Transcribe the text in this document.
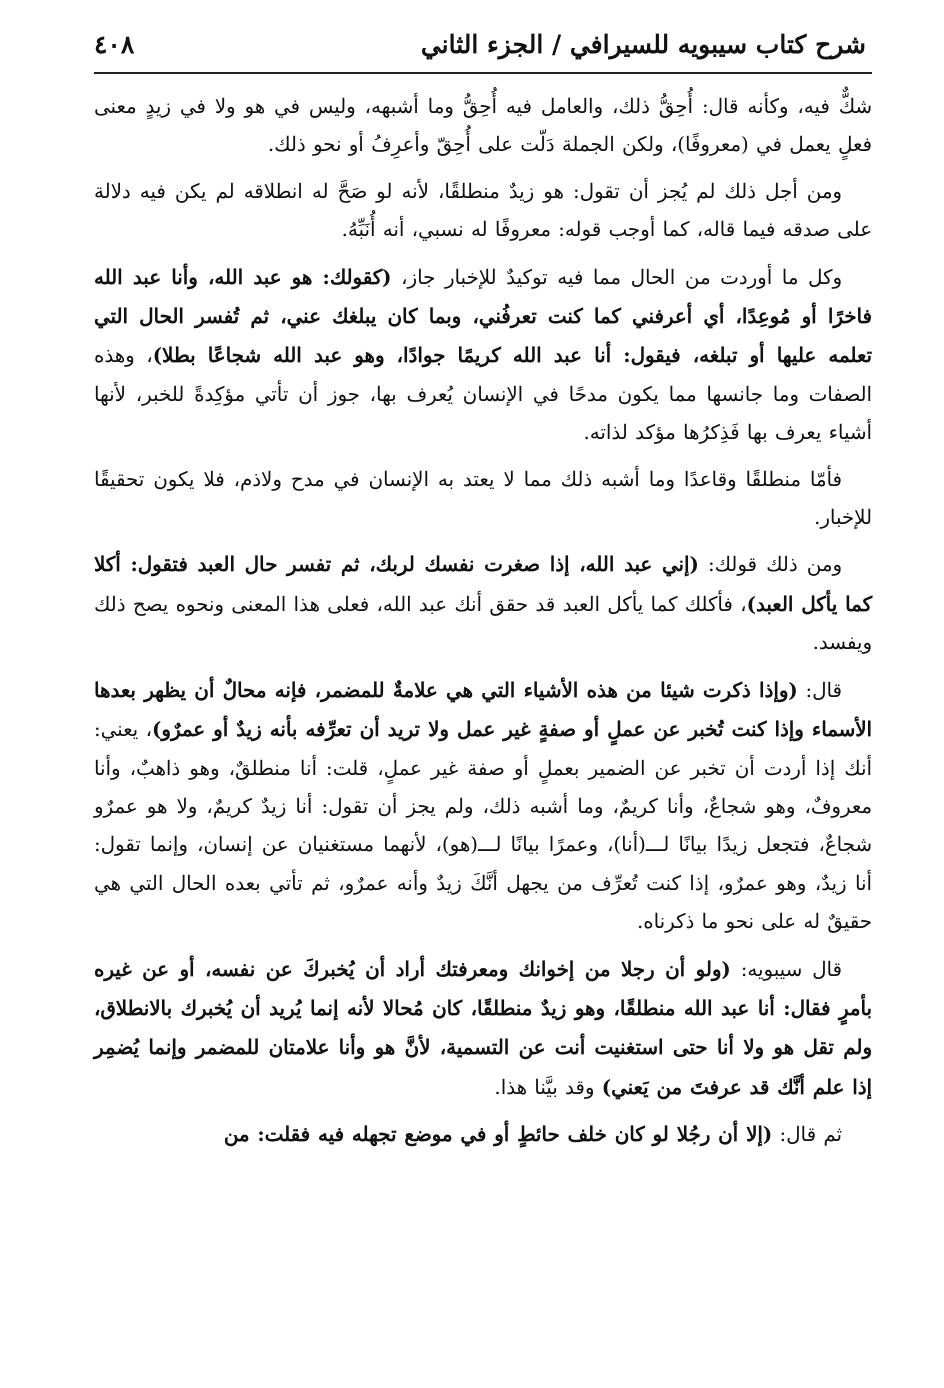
شرح كتاب سيبويه للسيرافي / الجزء الثاني
٤٠٨

شكٌّ فيه، وكأنه قال: أُحِقُّ ذلك، والعامل فيه أُحِقُّ وما أشبهه، وليس في هو ولا في زيدٍ معنى فعلٍ يعمل في (معروفًا)، ولكن الجملة دَلّت على أُحِقّ وأعرِفُ أو نحو ذلك.

ومن أجل ذلك لم يُجز أن تقول: هو زيدٌ منطلقًا، لأنه لو صَحَّ له انطلاقه لم يكن فيه دلالة على صدقه فيما قاله، كما أوجب قوله: معروفًا له نسبي، أنه أُنَبِّهُ.

وكل ما أوردت من الحال مما فيه توكيدٌ للإخبار جاز، (كقولك: هو عبد الله، وأنا عبد الله فاخرًا أو مُوعِدًا، أي أعرفني كما كنت تعرفُني، وبما كان يبلغك عني، ثم تُفسر الحال التي تعلمه عليها أو تبلغه، فيقول: أنا عبد الله كريمًا جوادًا، وهو عبد الله شجاعًا بطلا)، وهذه الصفات وما جانسها مما يكون مدحًا في الإنسان يُعرف بها، جوز أن تأتي مؤكِدةً للخبر، لأنها أشياء يعرف بها فَذِكرُها مؤكد لذاته.

فأمّا منطلقًا وقاعدًا وما أشبه ذلك مما لا يعتد به الإنسان في مدح ولاذم، فلا يكون تحقيقًا للإخبار.

ومن ذلك قولك: (إني عبد الله، إذا صغرت نفسك لربك، ثم تفسر حال العبد فتقول: أكلا كما يأكل العبد)، فأكلك كما يأكل العبد قد حقق أنك عبد الله، فعلى هذا المعنى ونحوه يصح ذلك ويفسد.

قال: (وإذا ذكرت شيئا من هذه الأشياء التي هي علامةٌ للمضمر، فإنه محالٌ أن يظهر بعدها الأسماء وإذا كنت تُخبر عن عملٍ أو صفةٍ غير عمل ولا تريد أن تعرِّفه بأنه زيدٌ أو عمرٌو)، يعني: أنك إذا أردت أن تخبر عن الضمير بعملٍ أو صفة غير عملٍ، قلت: أنا منطلقٌ، وهو ذاهبٌ، وأنا معروفٌ، وهو شجاعٌ، وأنا كريمٌ، وما أشبه ذلك، ولم يجز أن تقول: أنا زيدٌ كريمٌ، ولا هو عمرٌو شجاعٌ، فتجعل زيدًا بيانًا لـــ(أنا)، وعمرًا بيانًا لـــ(هو)، لأنهما مستغنيان عن إنسان، وإنما تقول: أنا زيدٌ، وهو عمرٌو، إذا كنت تُعرِّف من يجهل أنَّكَ زيدٌ وأنه عمرٌو، ثم تأتي بعده الحال التي هي حقيقٌ له على نحو ما ذكرناه.

قال سيبويه: (ولو أن رجلا من إخوانك ومعرفتك أراد أن يُخبركَ عن نفسه، أو عن غيره بأمرٍ فقال: أنا عبد الله منطلقًا، وهو زيدٌ منطلقًا، كان مُحالا لأنه إنما يُريد أن يُخبرك بالانطلاق، ولم تقل هو ولا أنا حتى استغنيت أنت عن التسمية، لأنَّ هو وأنا علامتان للمضمر وإنما يُضمِر إذا علم أنَّك قد عرفتَ من يَعني) وقد بيَّنا هذا.

ثم قال: (إلا أن رجُلا لو كان خلف حائطٍ أو في موضع تجهله فيه فقلت: من
